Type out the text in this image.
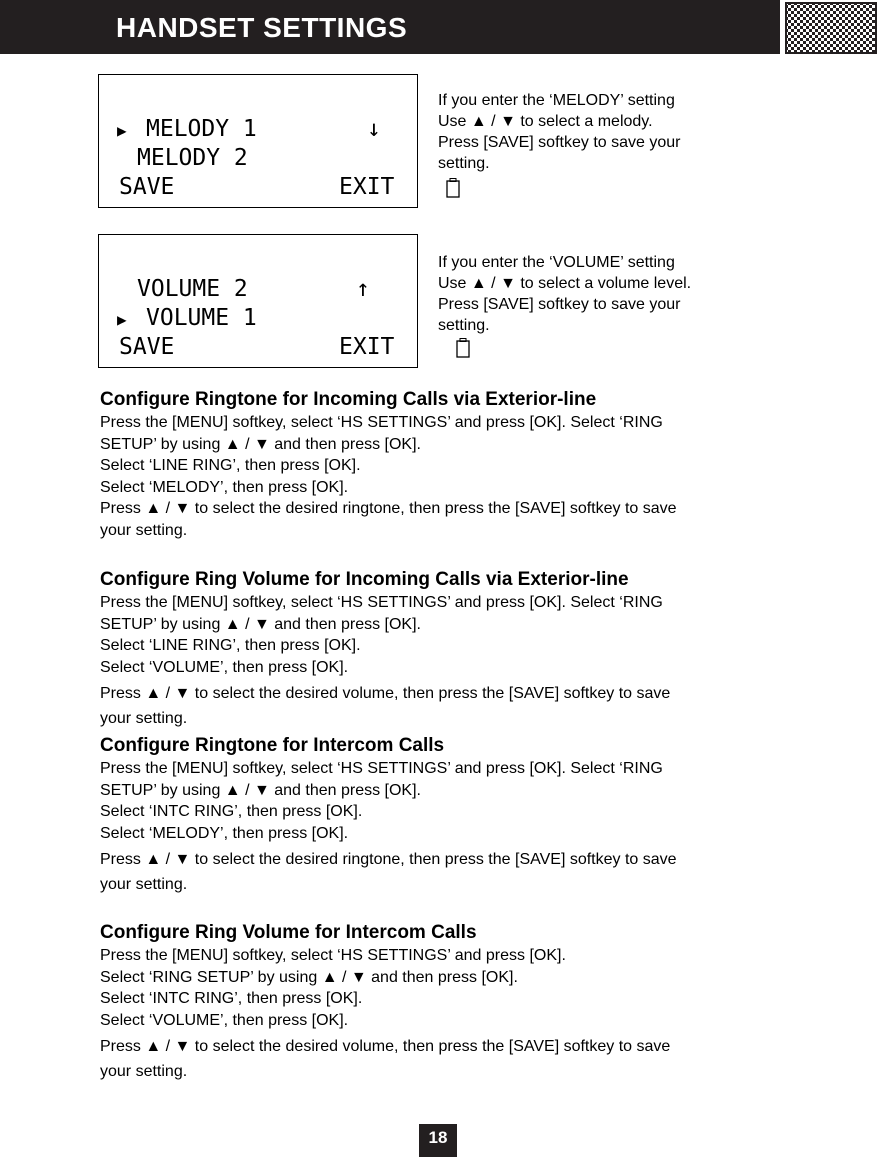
HANDSET SETTINGS

▶

MELODY 1

	↓

MELODY 2

SAVE

	EXIT

If you enter the ‘MELODY’ setting

Use ▲ / ▼ to select a melody.

Press [SAVE] softkey to save your

setting.

VOLUME 2

	↑

▶

VOLUME 1

SAVE

	EXIT

If you enter the ‘VOLUME’ setting

Use ▲ / ▼ to select a volume level.

Press [SAVE] softkey to save your

setting.

Configure Ringtone for Incoming Calls via Exterior-line
Press the [MENU] softkey, select ‘HS SETTINGS’ and press [OK]. Select ‘RING
SETUP’ by using ▲ / ▼ and then press [OK].
Select ‘LINE RING’, then press [OK].
Select ‘MELODY’, then press [OK].
Press ▲ / ▼ to select the desired ringtone, then press the [SAVE] softkey to save
your setting.
Configure Ring Volume for Incoming Calls via Exterior-line
Press the [MENU] softkey, select ‘HS SETTINGS’ and press [OK]. Select ‘RING
SETUP’ by using ▲ / ▼ and then press [OK].
Select ‘LINE RING’, then press [OK].
Select ‘VOLUME’, then press [OK].
Press ▲ / ▼ to select the desired volume, then press the [SAVE] softkey to save
your setting.
Configure Ringtone for Intercom Calls
Press the [MENU] softkey, select ‘HS SETTINGS’ and press [OK]. Select ‘RING
SETUP’ by using ▲ / ▼ and then press [OK].
Select ‘INTC RING’, then press [OK].
Select ‘MELODY’, then press [OK].
Press ▲ / ▼ to select the desired ringtone, then press the [SAVE] softkey to save
your setting.
Configure Ring Volume for Intercom Calls
Press the [MENU] softkey, select ‘HS SETTINGS’ and press [OK].
Select ‘RING SETUP’ by using ▲ / ▼ and then press [OK].
Select ‘INTC RING’, then press [OK].
Select ‘VOLUME’, then press [OK].
Press ▲ / ▼ to select the desired volume, then press the [SAVE] softkey to save
your setting.
18
